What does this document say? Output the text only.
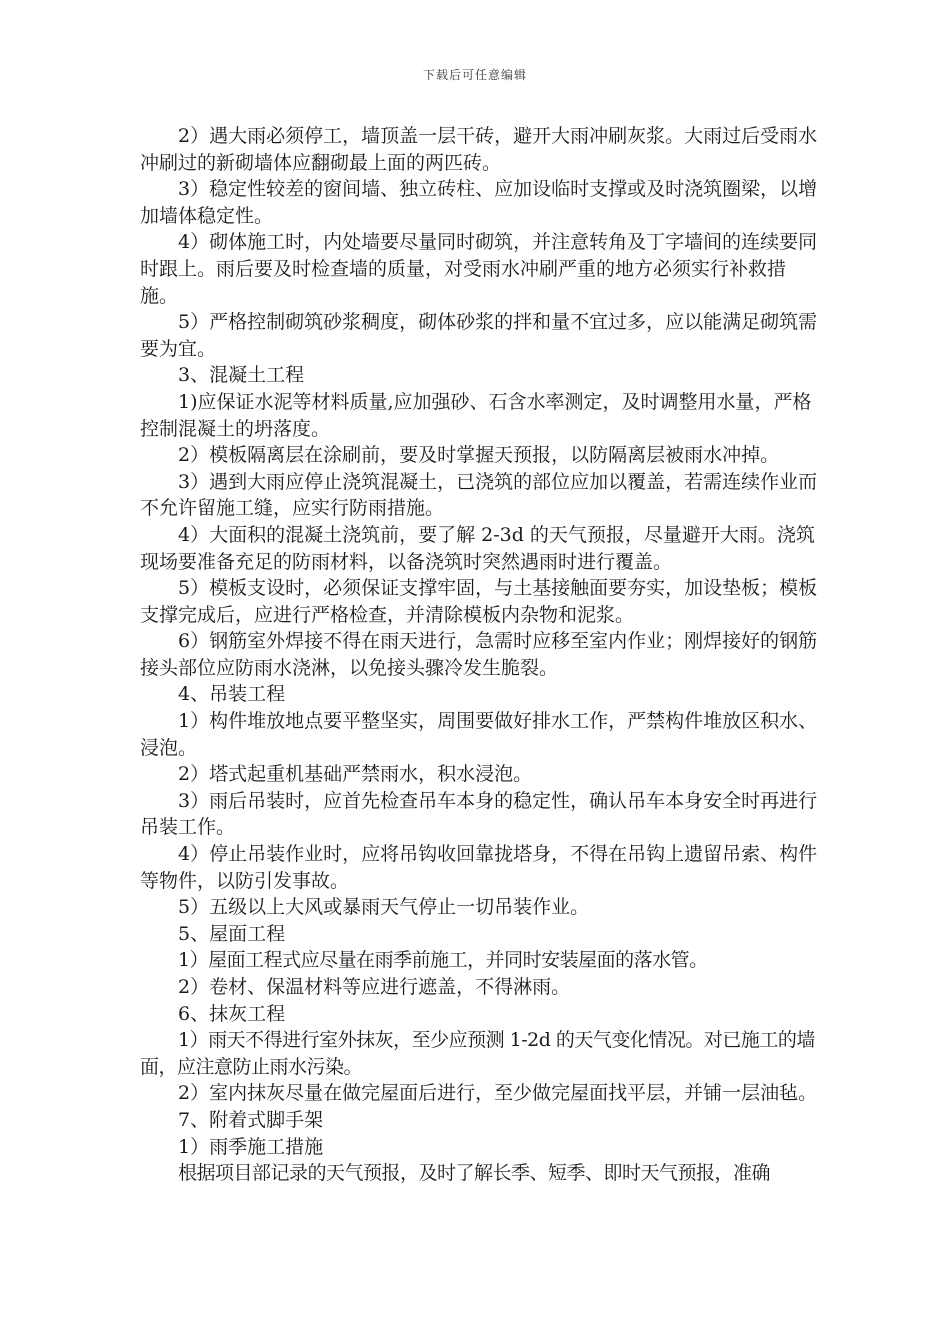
下载后可任意编辑

2）遇大雨必须停工，墙顶盖一层干砖，避开大雨冲刷灰浆。大雨过后受雨水冲刷过的新砌墙体应翻砌最上面的两匹砖。

3）稳定性较差的窗间墙、独立砖柱、应加设临时支撑或及时浇筑圈梁，以增加墙体稳定性。

4）砌体施工时，内处墙要尽量同时砌筑，并注意转角及丁字墙间的连续要同时跟上。雨后要及时检查墙的质量，对受雨水冲刷严重的地方必须实行补救措施。

5）严格控制砌筑砂浆稠度，砌体砂浆的拌和量不宜过多，应以能满足砌筑需要为宜。

3、混凝土工程

1)应保证水泥等材料质量,应加强砂、石含水率测定，及时调整用水量，严格控制混凝土的坍落度。

2）模板隔离层在涂刷前，要及时掌握天预报，以防隔离层被雨水冲掉。

3）遇到大雨应停止浇筑混凝土，已浇筑的部位应加以覆盖，若需连续作业而不允许留施工缝，应实行防雨措施。

4）大面积的混凝土浇筑前，要了解 2-3d 的天气预报，尽量避开大雨。浇筑现场要准备充足的防雨材料，以备浇筑时突然遇雨时进行覆盖。

5）模板支设时，必须保证支撑牢固，与土基接触面要夯实，加设垫板；模板支撑完成后，应进行严格检查，并清除模板内杂物和泥浆。

6）钢筋室外焊接不得在雨天进行，急需时应移至室内作业；刚焊接好的钢筋接头部位应防雨水浇淋，以免接头骤冷发生脆裂。

4、吊装工程

1）构件堆放地点要平整坚实，周围要做好排水工作，严禁构件堆放区积水、浸泡。

2）塔式起重机基础严禁雨水，积水浸泡。

3）雨后吊装时，应首先检查吊车本身的稳定性，确认吊车本身安全时再进行吊装工作。

4）停止吊装作业时，应将吊钩收回靠拢塔身，不得在吊钩上遗留吊索、构件等物件，以防引发事故。

5）五级以上大风或暴雨天气停止一切吊装作业。

5、屋面工程

1）屋面工程式应尽量在雨季前施工，并同时安装屋面的落水管。

2）卷材、保温材料等应进行遮盖，不得淋雨。

6、抹灰工程

1）雨天不得进行室外抹灰，至少应预测 1-2d 的天气变化情况。对已施工的墙面，应注意防止雨水污染。

2）室内抹灰尽量在做完屋面后进行，至少做完屋面找平层，并铺一层油毡。

7、附着式脚手架

1）雨季施工措施

根据项目部记录的天气预报，及时了解长季、短季、即时天气预报，准确
